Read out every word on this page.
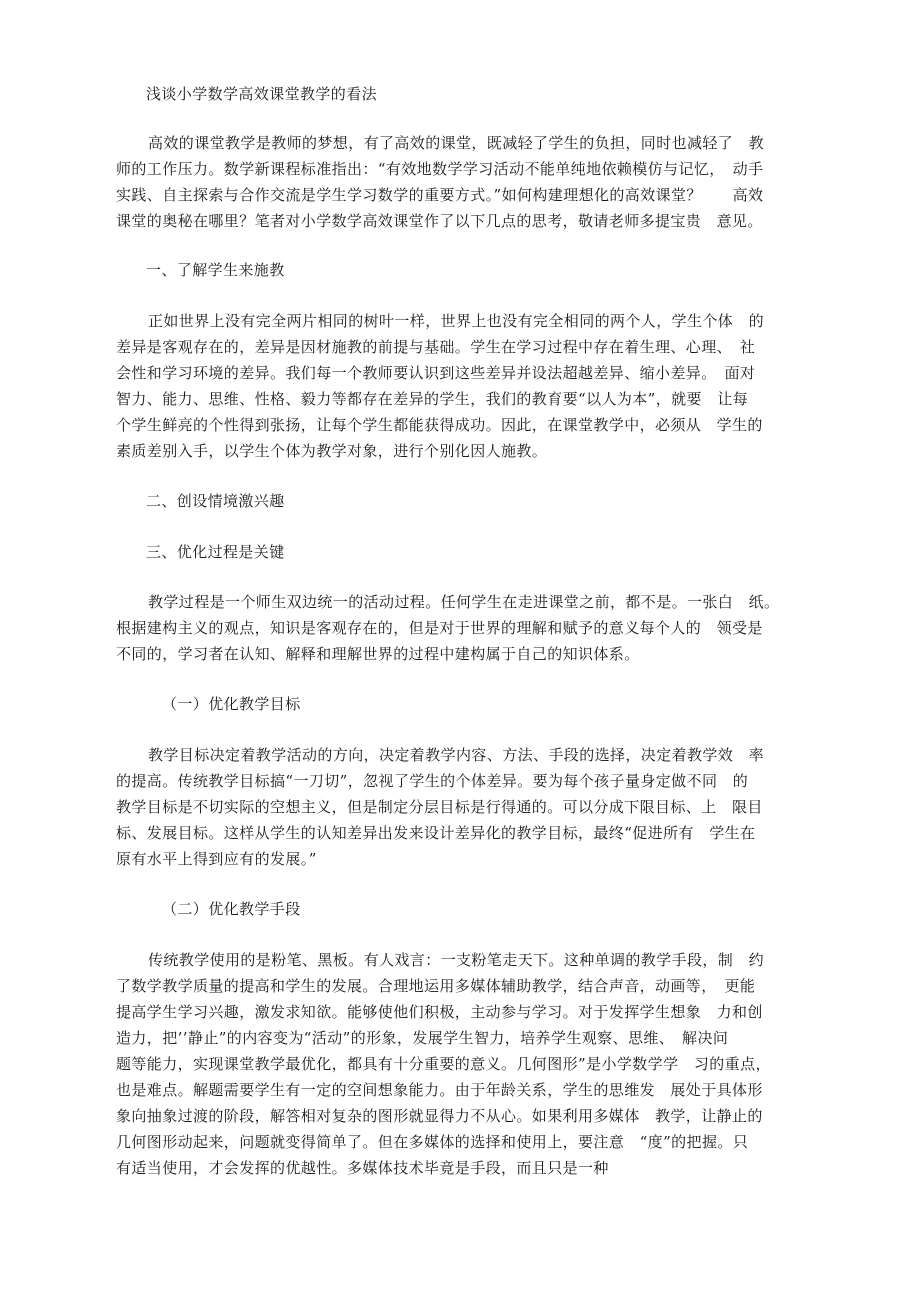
浅谈小学数学高效课堂教学的看法
高效的课堂教学是教师的梦想，有了高效的课堂，既减轻了学生的负担，同时也减轻了　教
师的工作压力。数学新课程标准指出：“有效地数学学习活动不能单纯地依赖模仿与记忆，　动手
实践、自主探索与合作交流是学生学习数学的重要方式。”如何构建理想化的高效课堂？　　高效
课堂的奥秘在哪里？笔者对小学数学高效课堂作了以下几点的思考，敬请老师多提宝贵　意见。
一、了解学生来施教
正如世界上没有完全两片相同的树叶一样，世界上也没有完全相同的两个人，学生个体　的
差异是客观存在的，差异是因材施教的前提与基础。学生在学习过程中存在着生理、心理、　社
会性和学习环境的差异。我们每一个教师要认识到这些差异并设法超越差异、缩小差异。　面对
智力、能力、思维、性格、毅力等都存在差异的学生，我们的教育要“以人为本”，就要　让每
个学生鲜亮的个性得到张扬，让每个学生都能获得成功。因此，在课堂教学中，必须从　学生的
素质差别入手，以学生个体为教学对象，进行个别化因人施教。
二、创设情境激兴趣
三、优化过程是关键
教学过程是一个师生双边统一的活动过程。任何学生在走进课堂之前，都不是。一张白　纸。
根据建构主义的观点，知识是客观存在的，但是对于世界的理解和赋予的意义每个人的　领受是
不同的，学习者在认知、解释和理解世界的过程中建构属于自己的知识体系。
（一）优化教学目标
教学目标决定着教学活动的方向，决定着教学内容、方法、手段的选择，决定着教学效　率
的提高。传统教学目标搞“一刀切”，忽视了学生的个体差异。要为每个孩子量身定做不同　的
教学目标是不切实际的空想主义，但是制定分层目标是行得通的。可以分成下限目标、上　限目
标、发展目标。这样从学生的认知差异出发来设计差异化的教学目标，最终“促进所有　学生在
原有水平上得到应有的发展。”
（二）优化教学手段
传统教学使用的是粉笔、黑板。有人戏言：一支粉笔走天下。这种单调的教学手段，制　约
了数学教学质量的提高和学生的发展。合理地运用多媒体辅助教学，结合声音，动画等，　更能
提高学生学习兴趣，激发求知欲。能够使他们积极，主动参与学习。对于发挥学生想象　力和创
造力，把’’静止”的内容变为“活动”的形象，发展学生智力，培养学生观察、思维、　解决问
题等能力，实现课堂教学最优化，都具有十分重要的意义。几何图形”是小学数学学　习的重点，
也是难点。解题需要学生有一定的空间想象能力。由于年龄关系，学生的思维发　展处于具体形
象向抽象过渡的阶段，解答相对复杂的图形就显得力不从心。如果利用多媒体　教学，让静止的
几何图形动起来，问题就变得简单了。但在多媒体的选择和使用上，要注意　“度”的把握。只
有适当使用，才会发挥的优越性。多媒体技术毕竟是手段，而且只是一种
